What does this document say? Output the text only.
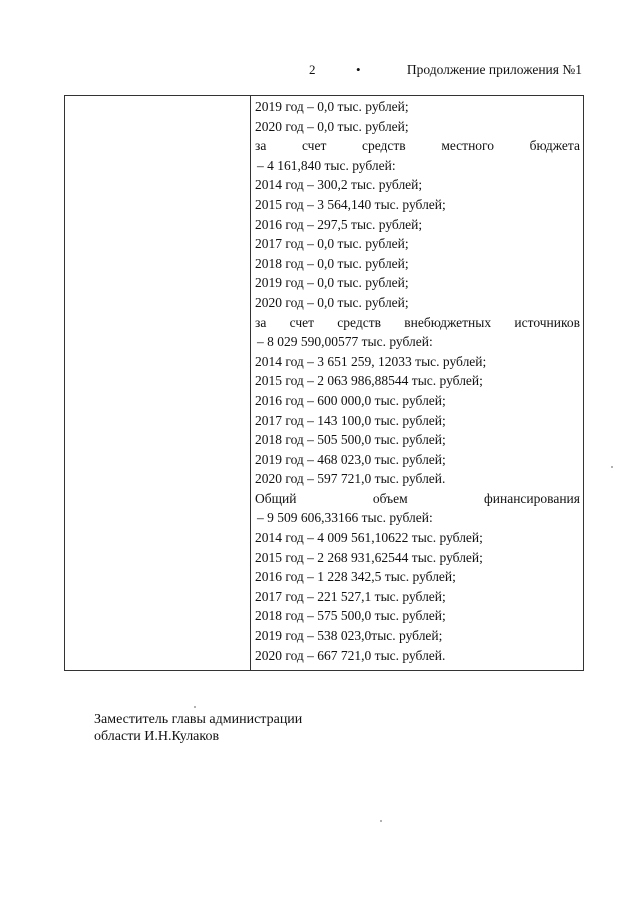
2	•	Продолжение приложения №1
2019 год – 0,0 тыс. рублей;
2020 год – 0,0 тыс. рублей;
за	счет	средств	местного	бюджета
– 4 161,840 тыс. рублей:
2014 год – 300,2 тыс. рублей;
2015 год – 3 564,140 тыс. рублей;
2016 год – 297,5 тыс. рублей;
2017 год – 0,0 тыс. рублей;
2018 год – 0,0 тыс. рублей;
2019 год – 0,0 тыс. рублей;
2020 год – 0,0 тыс. рублей;
за счет средств внебюджетных источников
– 8 029 590,00577 тыс. рублей:
2014 год – 3 651 259, 12033 тыс. рублей;
2015 год – 2 063 986,88544 тыс. рублей;
2016 год – 600 000,0 тыс. рублей;
2017 год – 143 100,0 тыс. рублей;
2018 год – 505 500,0 тыс. рублей;
2019 год – 468 023,0 тыс. рублей;
2020 год – 597 721,0 тыс. рублей.
Общий	объем	финансирования
– 9 509 606,33166 тыс. рублей:
2014 год – 4 009 561,10622 тыс. рублей;
2015 год – 2 268 931,62544 тыс. рублей;
2016 год – 1 228 342,5 тыс. рублей;
2017 год – 221 527,1 тыс. рублей;
2018 год – 575 500,0 тыс. рублей;
2019 год – 538 023,0тыс. рублей;
2020 год – 667 721,0 тыс. рублей.
Заместитель главы администрации
области И.Н.Кулаков
